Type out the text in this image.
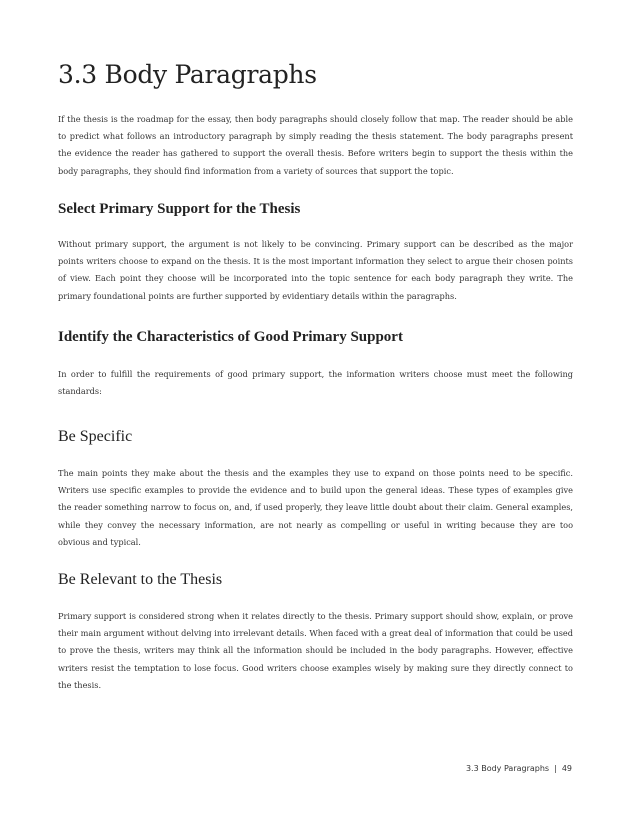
3.3 Body Paragraphs

If the thesis is the roadmap for the essay, then body paragraphs should closely follow that map. The reader should be able to predict what follows an introductory paragraph by simply reading the thesis statement. The body paragraphs present the evidence the reader has gathered to support the overall thesis. Before writers begin to support the thesis within the body paragraphs, they should find information from a variety of sources that support the topic.

Select Primary Support for the Thesis

Without primary support, the argument is not likely to be convincing. Primary support can be described as the major points writers choose to expand on the thesis. It is the most important information they select to argue their chosen points of view. Each point they choose will be incorporated into the topic sentence for each body paragraph they write. The primary foundational points are further supported by evidentiary details within the paragraphs.

Identify the Characteristics of Good Primary Support

In order to fulfill the requirements of good primary support, the information writers choose must meet the following standards:

Be Specific

The main points they make about the thesis and the examples they use to expand on those points need to be specific. Writers use specific examples to provide the evidence and to build upon the general ideas. These types of examples give the reader something narrow to focus on, and, if used properly, they leave little doubt about their claim. General examples, while they convey the necessary information, are not nearly as compelling or useful in writing because they are too obvious and typical.

Be Relevant to the Thesis

Primary support is considered strong when it relates directly to the thesis. Primary support should show, explain, or prove their main argument without delving into irrelevant details. When faced with a great deal of information that could be used to prove the thesis, writers may think all the information should be included in the body paragraphs. However, effective writers resist the temptation to lose focus. Good writers choose examples wisely by making sure they directly connect to the thesis.

3.3 Body Paragraphs | 49
